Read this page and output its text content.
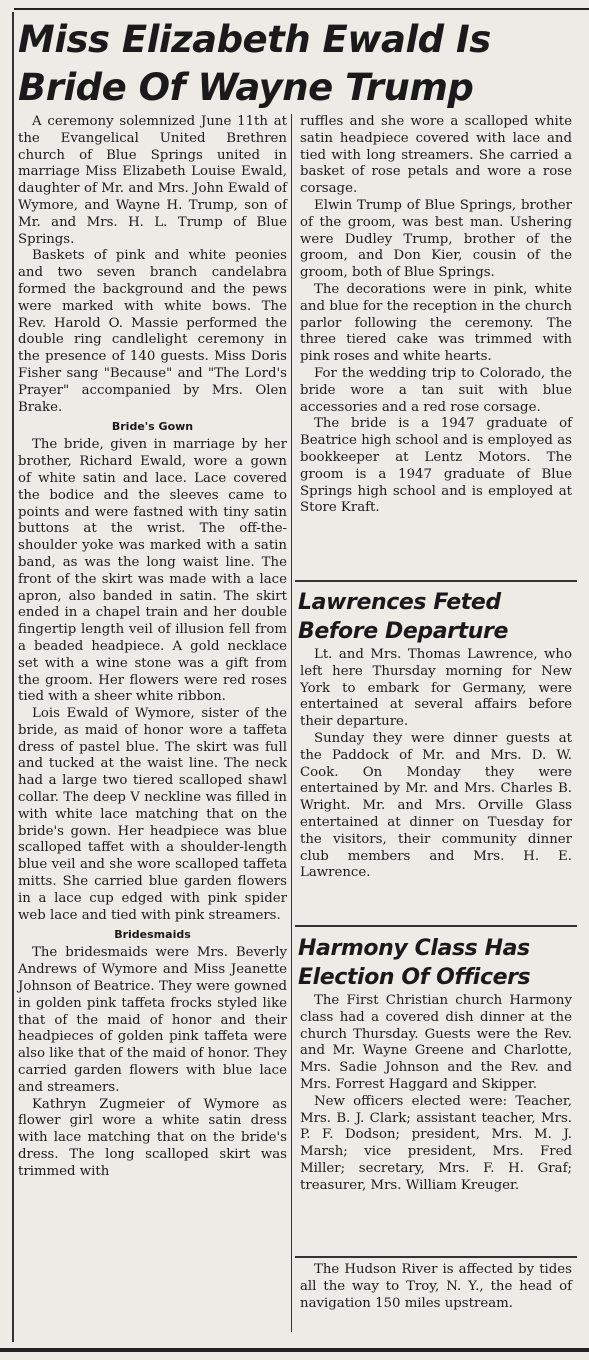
Miss Elizabeth Ewald Is Bride Of Wayne Trump

A ceremony solemnized June 11th at the Evangelical United Brethren church of Blue Springs united in marriage Miss Elizabeth Louise Ewald, daughter of Mr. and Mrs. John Ewald of Wymore, and Wayne H. Trump, son of Mr. and Mrs. H. L. Trump of Blue Springs.

Baskets of pink and white peonies and two seven branch candelabra formed the background and the pews were marked with white bows. The Rev. Harold O. Massie performed the double ring candlelight ceremony in the presence of 140 guests. Miss Doris Fisher sang "Because" and "The Lord's Prayer" accompanied by Mrs. Olen Brake.

Bride's Gown

The bride, given in marriage by her brother, Richard Ewald, wore a gown of white satin and lace. Lace covered the bodice and the sleeves came to points and were fastned with tiny satin buttons at the wrist. The off-the-shoulder yoke was marked with a satin band, as was the long waist line. The front of the skirt was made with a lace apron, also banded in satin. The skirt ended in a chapel train and her double fingertip length veil of illusion fell from a beaded headpiece. A gold necklace set with a wine stone was a gift from the groom. Her flowers were red roses tied with a sheer white ribbon.

Lois Ewald of Wymore, sister of the bride, as maid of honor wore a taffeta dress of pastel blue. The skirt was full and tucked at the waist line. The neck had a large two tiered scalloped shawl collar. The deep V neckline was filled in with white lace matching that on the bride's gown. Her headpiece was blue scalloped taffet with a shoulder-length blue veil and she wore scalloped taffeta mitts. She carried blue garden flowers in a lace cup edged with pink spider web lace and tied with pink streamers.

Bridesmaids

The bridesmaids were Mrs. Beverly Andrews of Wymore and Miss Jeanette Johnson of Beatrice. They were gowned in golden pink taffeta frocks styled like that of the maid of honor and their headpieces of golden pink taffeta were also like that of the maid of honor. They carried garden flowers with blue lace and streamers.

Kathryn Zugmeier of Wymore as flower girl wore a white satin dress with lace matching that on the bride's dress. The long scalloped skirt was trimmed with

ruffles and she wore a scalloped white satin headpiece covered with lace and tied with long streamers. She carried a basket of rose petals and wore a rose corsage.

Elwin Trump of Blue Springs, brother of the groom, was best man. Ushering were Dudley Trump, brother of the groom, and Don Kier, cousin of the groom, both of Blue Springs.

The decorations were in pink, white and blue for the reception in the church parlor following the ceremony. The three tiered cake was trimmed with pink roses and white hearts.

For the wedding trip to Colorado, the bride wore a tan suit with blue accessories and a red rose corsage.

The bride is a 1947 graduate of Beatrice high school and is employed as bookkeeper at Lentz Motors. The groom is a 1947 graduate of Blue Springs high school and is employed at Store Kraft.

Lawrences Feted Before Departure

Lt. and Mrs. Thomas Lawrence, who left here Thursday morning for New York to embark for Germany, were entertained at several affairs before their departure.

Sunday they were dinner guests at the Paddock of Mr. and Mrs. D. W. Cook. On Monday they were entertained by Mr. and Mrs. Charles B. Wright. Mr. and Mrs. Orville Glass entertained at dinner on Tuesday for the visitors, their community dinner club members and Mrs. H. E. Lawrence.

Harmony Class Has Election Of Officers

The First Christian church Harmony class had a covered dish dinner at the church Thursday. Guests were the Rev. and Mr. Wayne Greene and Charlotte, Mrs. Sadie Johnson and the Rev. and Mrs. Forrest Haggard and Skipper.

New officers elected were: Teacher, Mrs. B. J. Clark; assistant teacher, Mrs. P. F. Dodson; president, Mrs. M. J. Marsh; vice president, Mrs. Fred Miller; secretary, Mrs. F. H. Graf; treasurer, Mrs. William Kreuger.

The Hudson River is affected by tides all the way to Troy, N. Y., the head of navigation 150 miles upstream.
